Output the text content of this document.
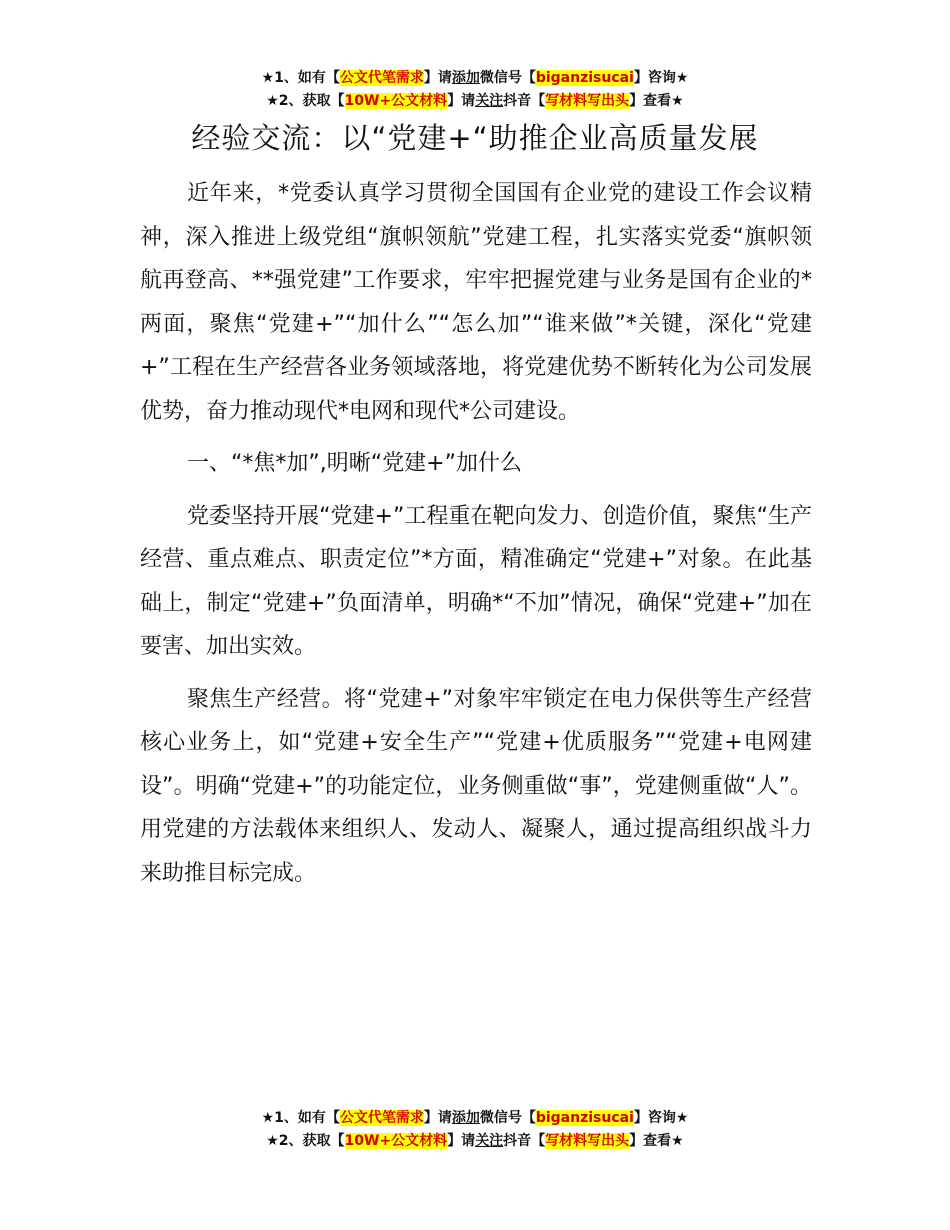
★1、如有【公文代笔需求】请添加微信号【biganzisucai】咨询★
★2、获取【10W+公文材料】请关注抖音【写材料写出头】查看★
经验交流：以“党建+“助推企业高质量发展

近年来，*党委认真学习贯彻全国国有企业党的建设工作会议精神，深入推进上级党组“旗帜领航”党建工程，扎实落实党委“旗帜领航再登高、**强党建”工作要求，牢牢把握党建与业务是国有企业的*两面，聚焦“党建+”“加什么”“怎么加”“谁来做”*关键，深化“党建+”工程在生产经营各业务领域落地，将党建优势不断转化为公司发展优势，奋力推动现代*电网和现代*公司建设。

一、“*焦*加”,明晰“党建+”加什么

党委坚持开展“党建+”工程重在靶向发力、创造价值，聚焦“生产经营、重点难点、职责定位”*方面，精准确定“党建+”对象。在此基础上，制定“党建+”负面清单，明确*“不加”情况，确保“党建+”加在要害、加出实效。

聚焦生产经营。将“党建+”对象牢牢锁定在电力保供等生产经营核心业务上，如“党建+安全生产”“党建+优质服务”“党建+电网建设”。明确“党建+”的功能定位，业务侧重做“事”，党建侧重做“人”。用党建的方法载体来组织人、发动人、凝聚人，通过提高组织战斗力来助推目标完成。

★1、如有【公文代笔需求】请添加微信号【biganzisucai】咨询★
★2、获取【10W+公文材料】请关注抖音【写材料写出头】查看★
